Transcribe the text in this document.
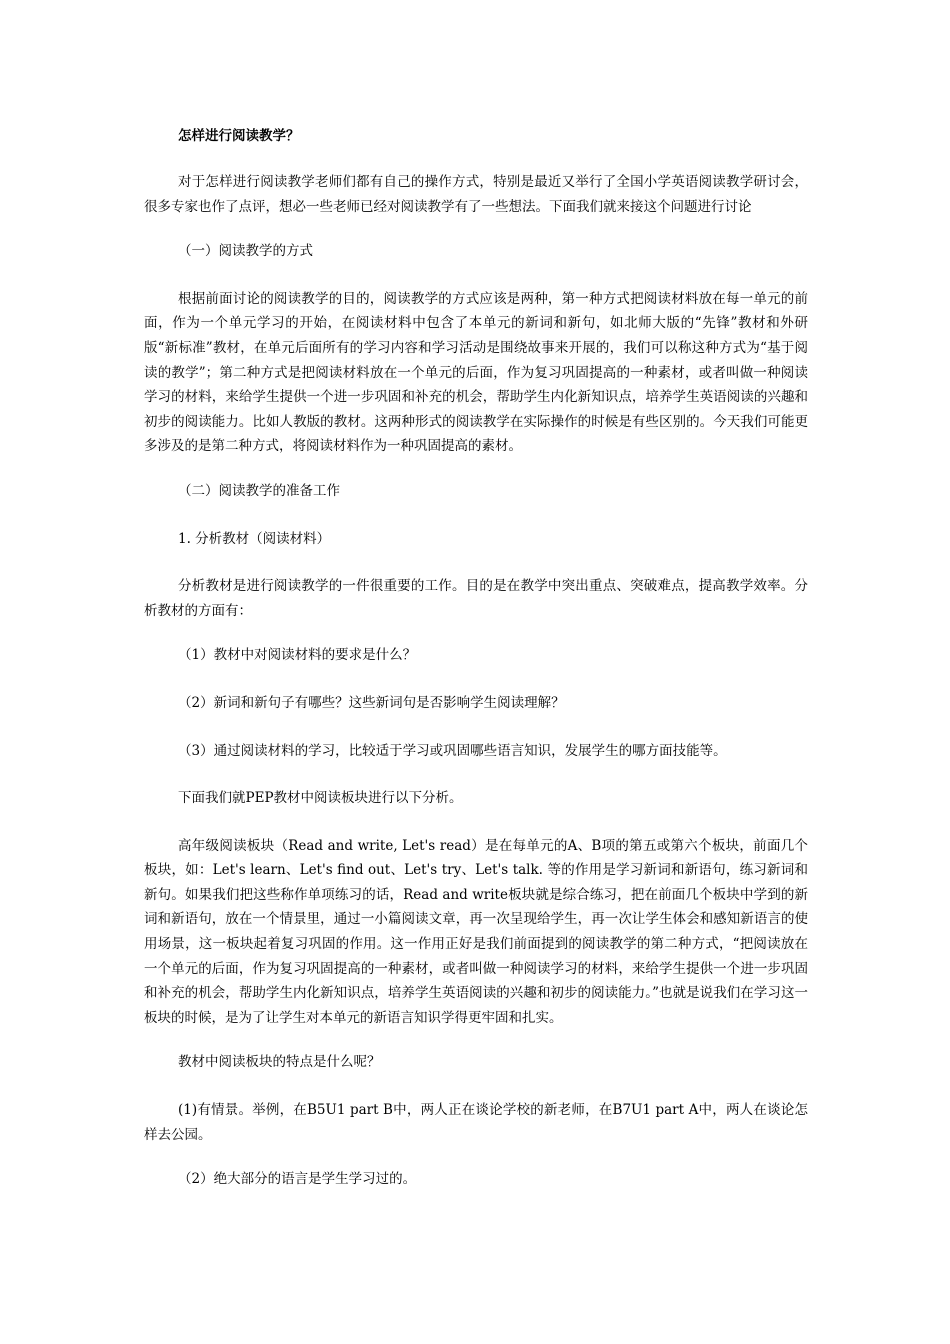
怎样进行阅读教学？

对于怎样进行阅读教学老师们都有自己的操作方式，特别是最近又举行了全国小学英语阅读教学研讨会，很多专家也作了点评，想必一些老师已经对阅读教学有了一些想法。下面我们就来接这个问题进行讨论

（一）阅读教学的方式

根据前面讨论的阅读教学的目的，阅读教学的方式应该是两种，第一种方式把阅读材料放在每一单元的前面，作为一个单元学习的开始，在阅读材料中包含了本单元的新词和新句，如北师大版的“先锋”教材和外研版“新标准”教材，在单元后面所有的学习内容和学习活动是围绕故事来开展的，我们可以称这种方式为“基于阅读的教学”；第二种方式是把阅读材料放在一个单元的后面，作为复习巩固提高的一种素材，或者叫做一种阅读学习的材料，来给学生提供一个进一步巩固和补充的机会，帮助学生内化新知识点，培养学生英语阅读的兴趣和初步的阅读能力。比如人教版的教材。这两种形式的阅读教学在实际操作的时候是有些区别的。今天我们可能更多涉及的是第二种方式，将阅读材料作为一种巩固提高的素材。

（二）阅读教学的准备工作

1. 分析教材（阅读材料）

分析教材是进行阅读教学的一件很重要的工作。目的是在教学中突出重点、突破难点，提高教学效率。分析教材的方面有：

（1）教材中对阅读材料的要求是什么？

（2）新词和新句子有哪些？这些新词句是否影响学生阅读理解？

（3）通过阅读材料的学习，比较适于学习或巩固哪些语言知识，发展学生的哪方面技能等。

下面我们就PEP教材中阅读板块进行以下分析。

高年级阅读板块（Read and write, Let's read）是在每单元的A、B项的第五或第六个板块，前面几个板块，如：Let's learn、Let's find out、Let's try、Let's talk. 等的作用是学习新词和新语句，练习新词和新句。如果我们把这些称作单项练习的话，Read and write板块就是综合练习，把在前面几个板块中学到的新词和新语句，放在一个情景里，通过一小篇阅读文章，再一次呈现给学生，再一次让学生体会和感知新语言的使用场景，这一板块起着复习巩固的作用。这一作用正好是我们前面提到的阅读教学的第二种方式，“把阅读放在一个单元的后面，作为复习巩固提高的一种素材，或者叫做一种阅读学习的材料，来给学生提供一个进一步巩固和补充的机会，帮助学生内化新知识点，培养学生英语阅读的兴趣和初步的阅读能力。”也就是说我们在学习这一板块的时候，是为了让学生对本单元的新语言知识学得更牢固和扎实。

教材中阅读板块的特点是什么呢？

(1)有情景。举例，在B5U1 part B中，两人正在谈论学校的新老师，在B7U1 part A中，两人在谈论怎样去公园。

（2）绝大部分的语言是学生学习过的。
